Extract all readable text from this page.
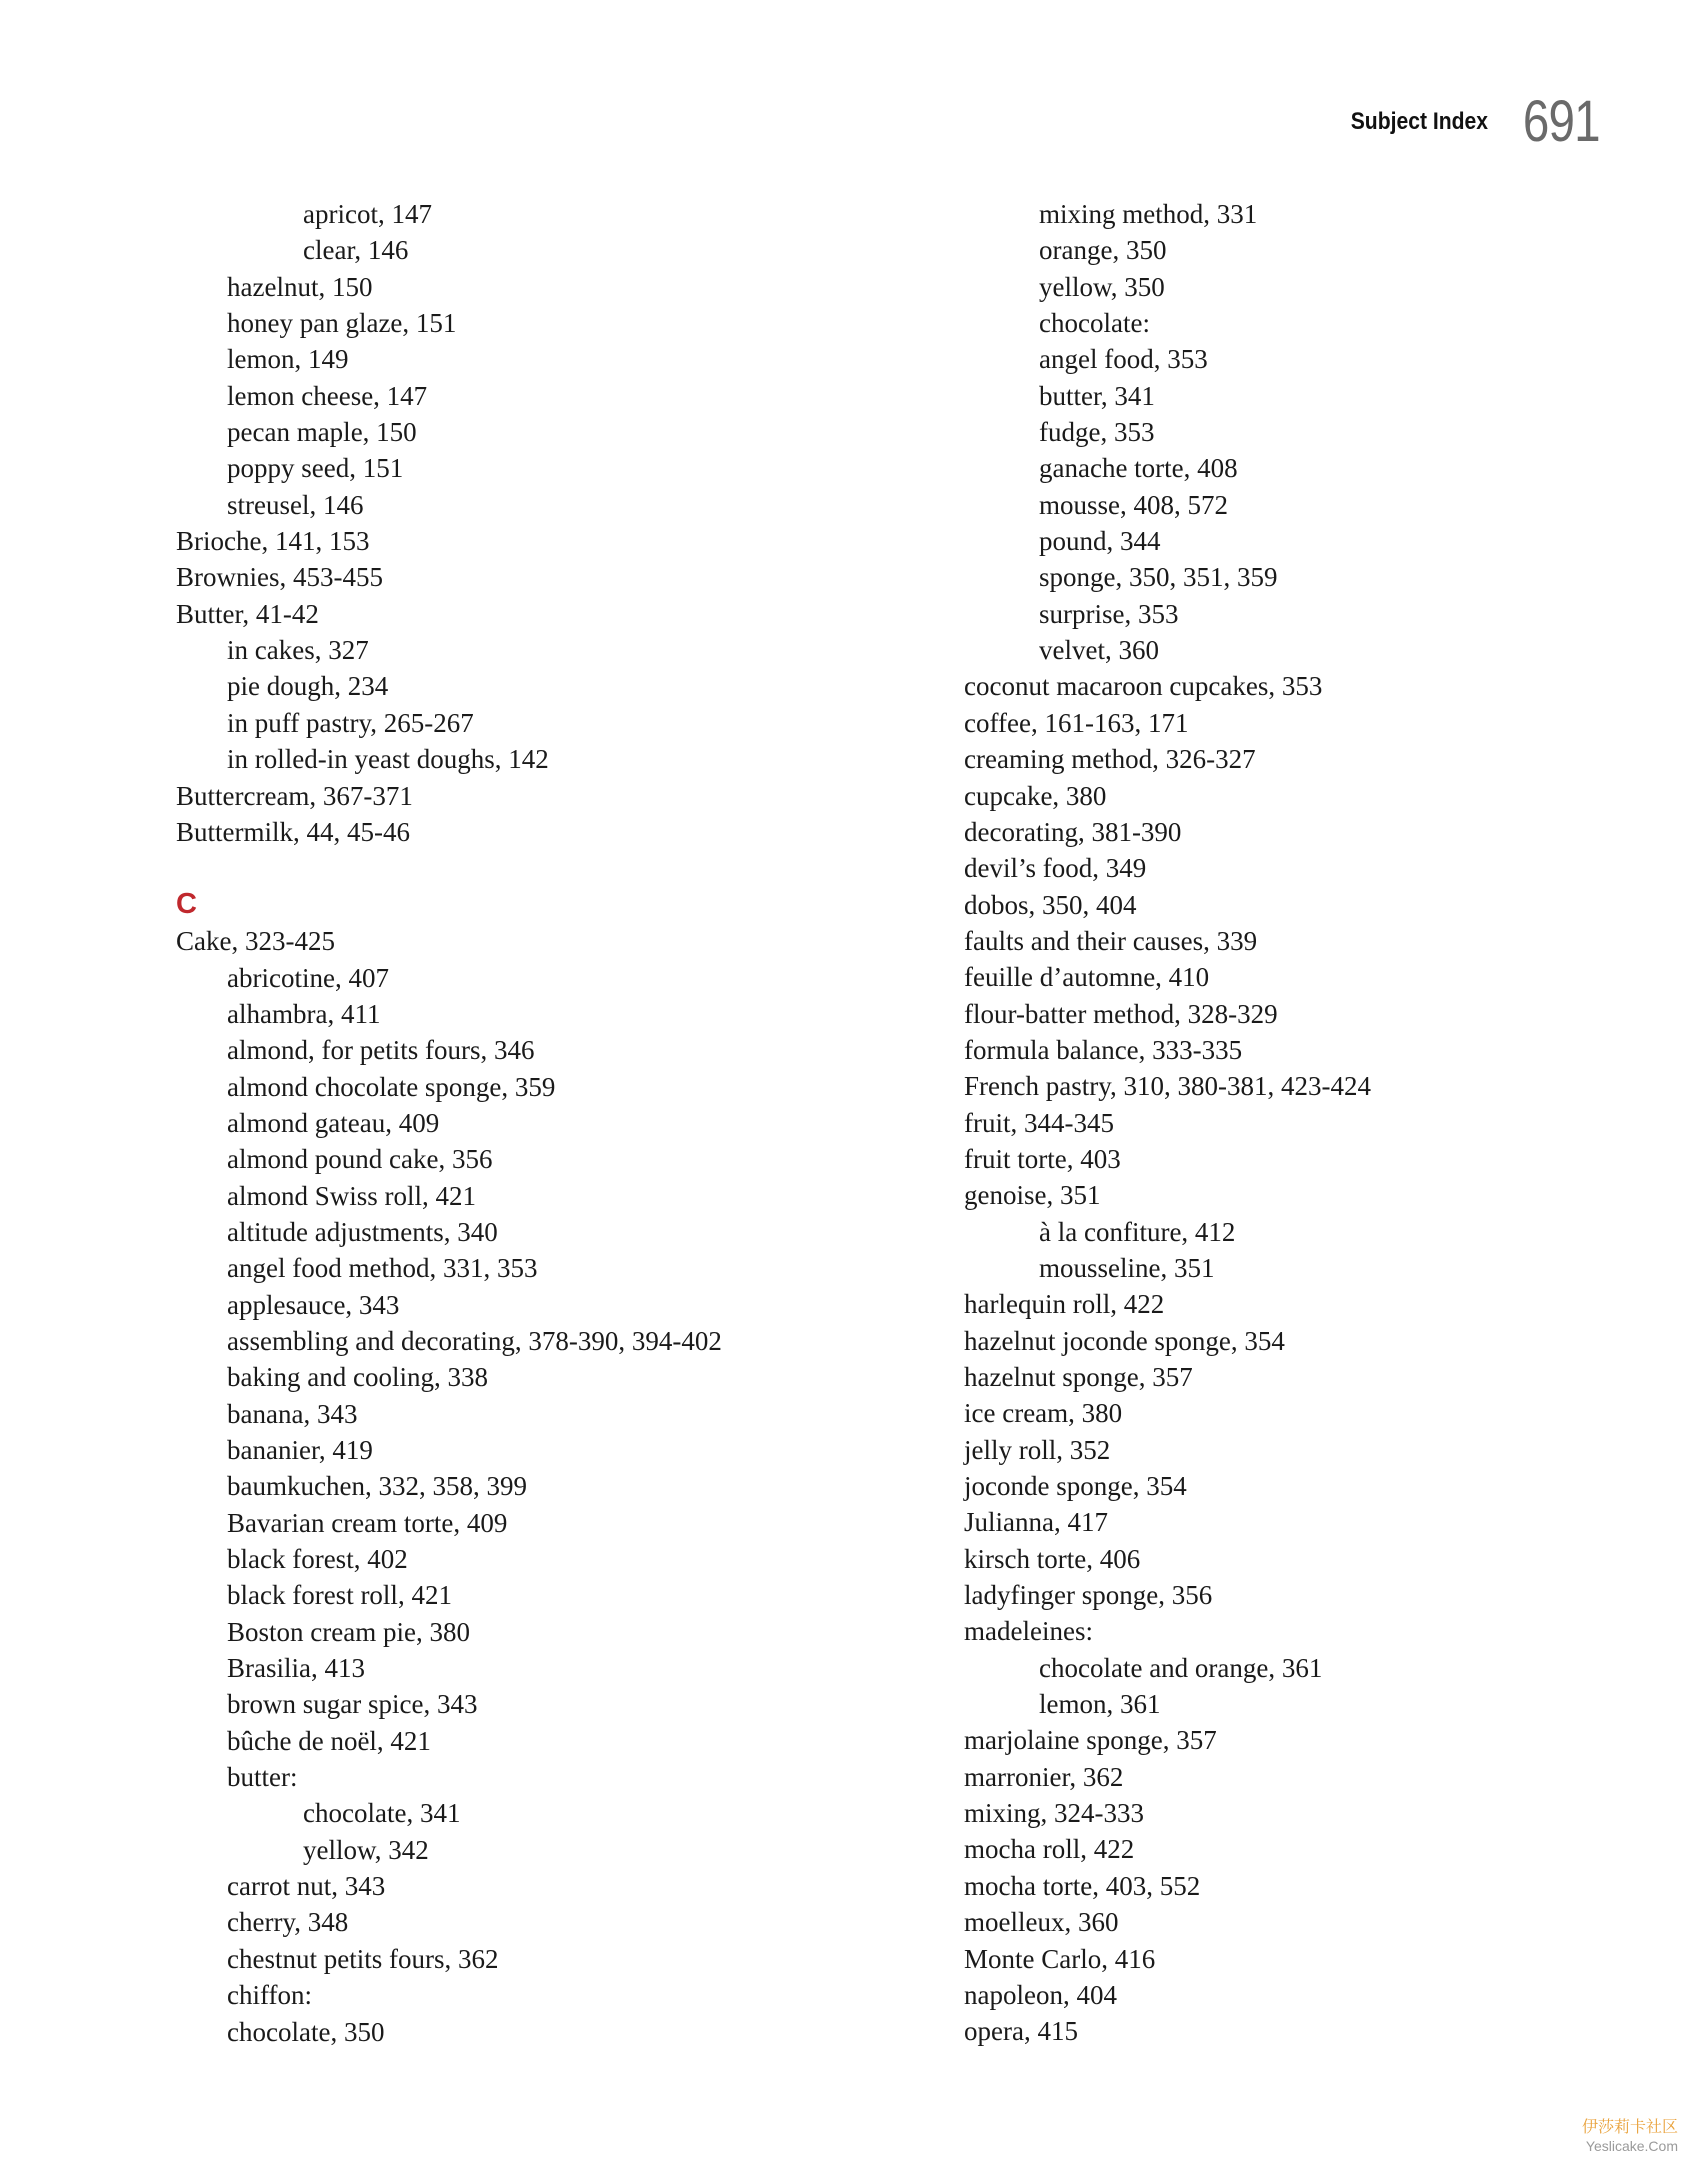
Subject Index 691
apricot, 147
clear, 146
hazelnut, 150
honey pan glaze, 151
lemon, 149
lemon cheese, 147
pecan maple, 150
poppy seed, 151
streusel, 146
Brioche, 141, 153
Brownies, 453-455
Butter, 41-42
in cakes, 327
pie dough, 234
in puff pastry, 265-267
in rolled-in yeast doughs, 142
Buttercream, 367-371
Buttermilk, 44, 45-46
C
Cake, 323-425
abricotine, 407
alhambra, 411
almond, for petits fours, 346
almond chocolate sponge, 359
almond gateau, 409
almond pound cake, 356
almond Swiss roll, 421
altitude adjustments, 340
angel food method, 331, 353
applesauce, 343
assembling and decorating, 378-390, 394-402
baking and cooling, 338
banana, 343
bananier, 419
baumkuchen, 332, 358, 399
Bavarian cream torte, 409
black forest, 402
black forest roll, 421
Boston cream pie, 380
Brasilia, 413
brown sugar spice, 343
bûche de noël, 421
butter:
chocolate, 341
yellow, 342
carrot nut, 343
cherry, 348
chestnut petits fours, 362
chiffon:
chocolate, 350
mixing method, 331
orange, 350
yellow, 350
chocolate:
angel food, 353
butter, 341
fudge, 353
ganache torte, 408
mousse, 408, 572
pound, 344
sponge, 350, 351, 359
surprise, 353
velvet, 360
coconut macaroon cupcakes, 353
coffee, 161-163, 171
creaming method, 326-327
cupcake, 380
decorating, 381-390
devil’s food, 349
dobos, 350, 404
faults and their causes, 339
feuille d’automne, 410
flour-batter method, 328-329
formula balance, 333-335
French pastry, 310, 380-381, 423-424
fruit, 344-345
fruit torte, 403
genoise, 351
à la confiture, 412
mousseline, 351
harlequin roll, 422
hazelnut joconde sponge, 354
hazelnut sponge, 357
ice cream, 380
jelly roll, 352
joconde sponge, 354
Julianna, 417
kirsch torte, 406
ladyfinger sponge, 356
madeleines:
chocolate and orange, 361
lemon, 361
marjolaine sponge, 357
marronier, 362
mixing, 324-333
mocha roll, 422
mocha torte, 403, 552
moelleux, 360
Monte Carlo, 416
napoleon, 404
opera, 415
伊莎莉卡社区
Yeslicake.Com
